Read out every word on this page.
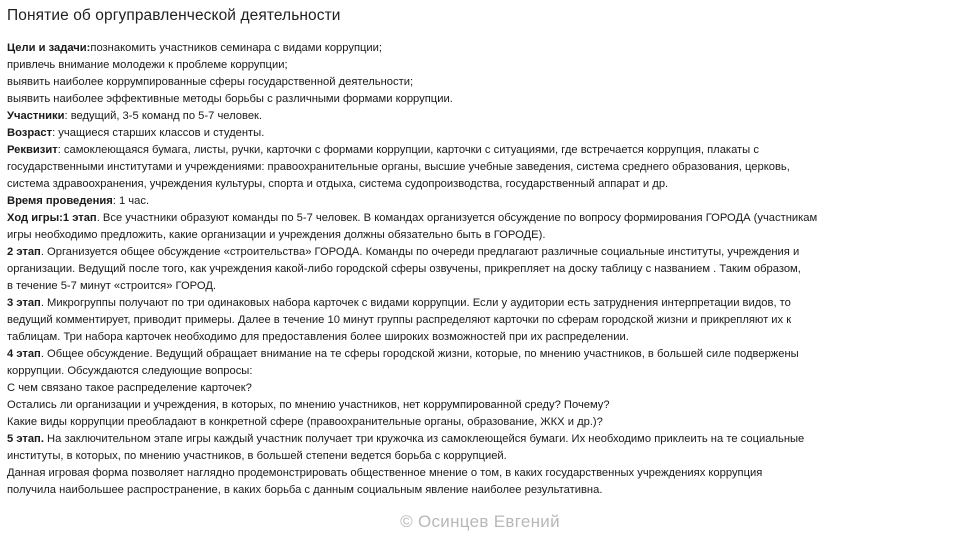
Понятие об оргуправленческой деятельности
Цели и задачи:познакомить участников семинара с видами коррупции;
привлечь внимание молодежи к проблеме коррупции;
выявить наиболее коррумпированные сферы государственной деятельности;
выявить наиболее эффективные методы борьбы с различными формами коррупции.
Участники: ведущий, 3-5 команд по 5-7 человек.
Возраст: учащиеся старших классов и студенты.
Реквизит: самоклеющаяся бумага, листы, ручки, карточки с формами коррупции, карточки с ситуациями, где встречается коррупция, плакаты с
государственными институтами и учреждениями: правоохранительные органы, высшие учебные заведения, система среднего образования, церковь,
система здравоохранения, учреждения культуры, спорта и отдыха, система судопроизводства, государственный аппарат и др.
Время проведения: 1 час.
Ход игры:1 этап. Все участники образуют команды по 5-7 человек. В командах организуется обсуждение по вопросу формирования ГОРОДА (участникам
игры необходимо предложить, какие организации и учреждения должны обязательно быть в ГОРОДЕ).
2 этап. Организуется общее обсуждение «строительства» ГОРОДА. Команды по очереди предлагают различные социальные институты, учреждения и
организации. Ведущий после того, как учреждения какой-либо городской сферы озвучены, прикрепляет на доску таблицу с названием . Таким образом,
в течение 5-7 минут «строится» ГОРОД.
3 этап. Микрогруппы получают по три одинаковых набора карточек с видами коррупции. Если у аудитории есть затруднения интерпретации видов, то
ведущий комментирует, приводит примеры. Далее в течение 10 минут группы распределяют карточки по сферам городской жизни и прикрепляют их к
таблицам. Три набора карточек необходимо для предоставления более широких возможностей при их распределении.
4 этап. Общее обсуждение. Ведущий обращает внимание на те сферы городской жизни, которые, по мнению участников, в большей силе подвержены
коррупции. Обсуждаются следующие вопросы:
С чем связано такое распределение карточек?
Остались ли организации и учреждения, в которых, по мнению участников, нет коррумпированной среду? Почему?
Какие виды коррупции преобладают в конкретной сфере (правоохранительные органы, образование, ЖКХ и др.)?
5 этап. На заключительном этапе игры каждый участник получает три кружочка из самоклеющейся бумаги. Их необходимо приклеить на те социальные
институты, в которых, по мнению участников, в большей степени ведется борьба с коррупцией.
Данная игровая форма позволяет наглядно продемонстрировать общественное мнение о том, в каких государственных учреждениях коррупция
получила наибольшее распространение, в каких борьба с данным социальным явление наиболее результативна.
© Осинцев Евгений
